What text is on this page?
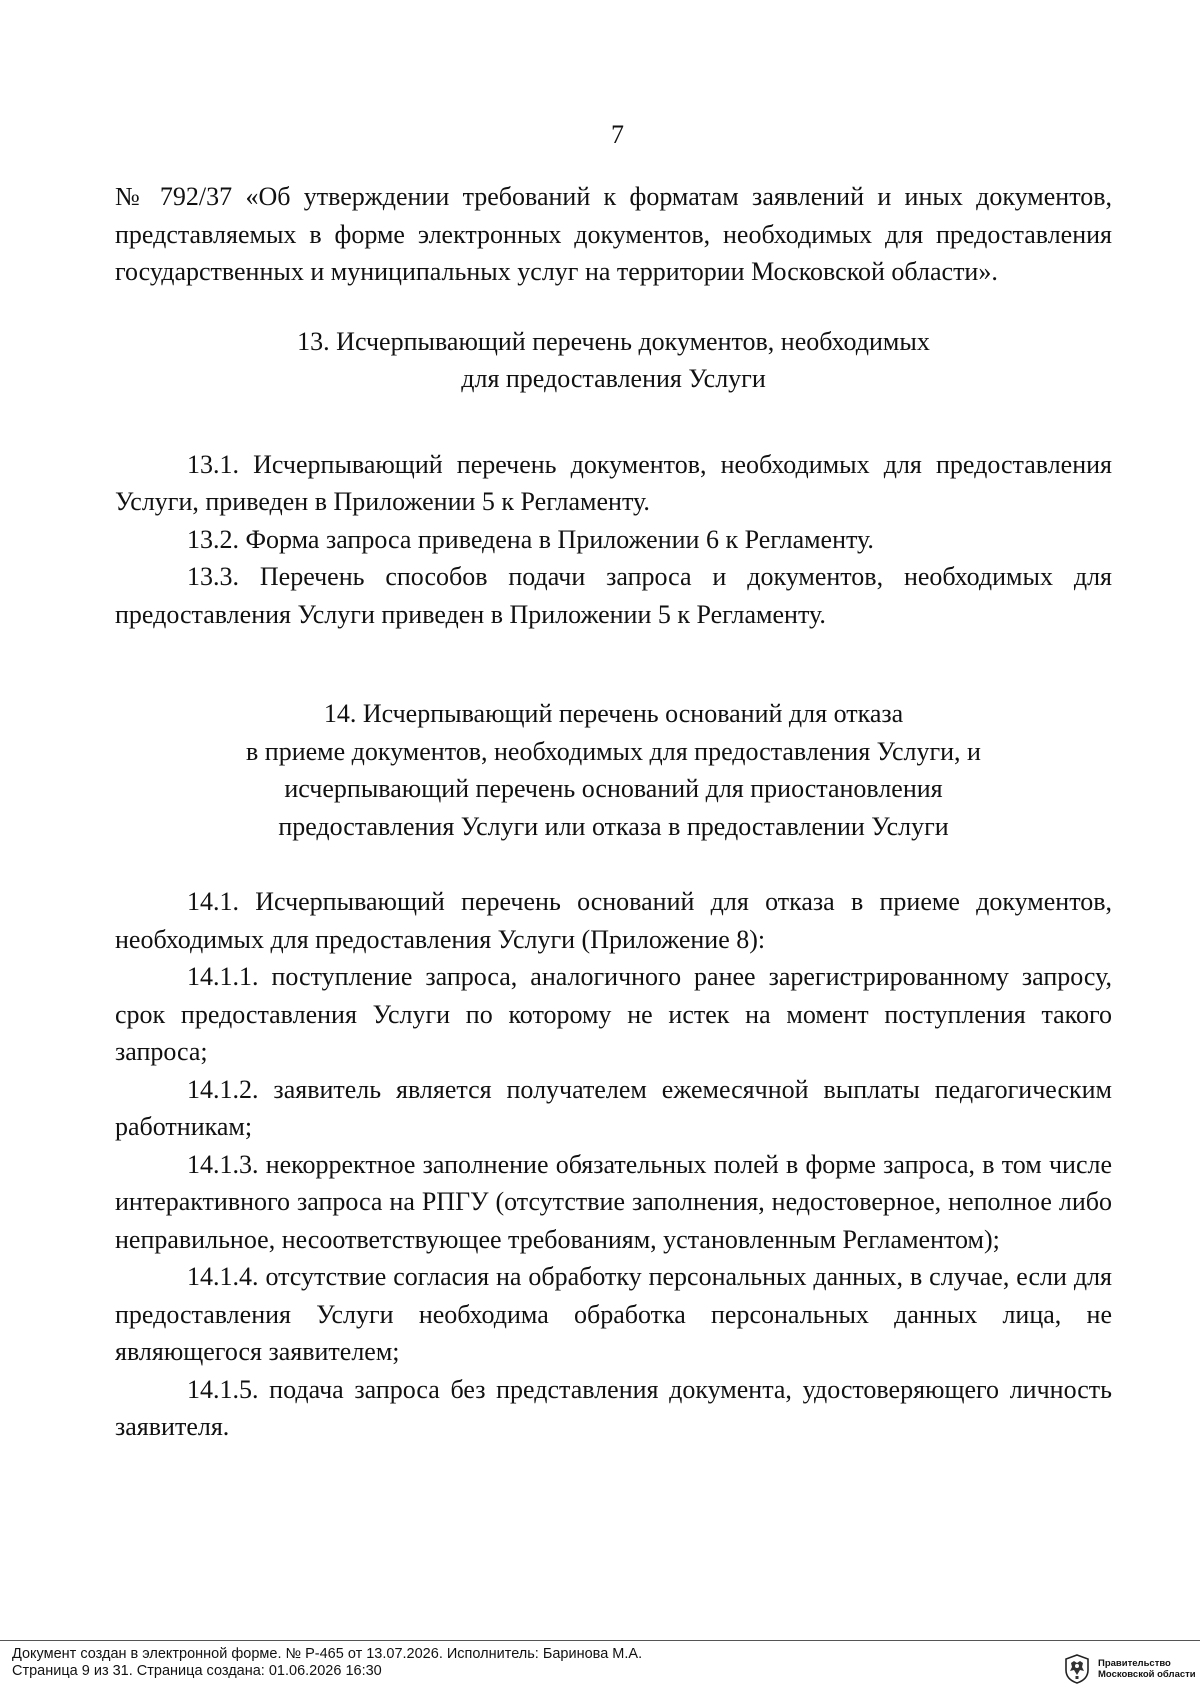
7

№ 792/37 «Об утверждении требований к форматам заявлений и иных документов, представляемых в форме электронных документов, необходимых для предоставления государственных и муниципальных услуг на территории Московской области».

13. Исчерпывающий перечень документов, необходимых

для предоставления Услуги

13.1. Исчерпывающий перечень документов, необходимых для предоставления Услуги, приведен в Приложении 5 к Регламенту.

13.2. Форма запроса приведена в Приложении 6 к Регламенту.

13.3. Перечень способов подачи запроса и документов, необходимых для предоставления Услуги приведен в Приложении 5 к Регламенту.

14. Исчерпывающий перечень оснований для отказа

в приеме документов, необходимых для предоставления Услуги, и

исчерпывающий перечень оснований для приостановления

предоставления Услуги или отказа в предоставлении Услуги

14.1. Исчерпывающий перечень оснований для отказа в приеме документов, необходимых для предоставления Услуги (Приложение 8):

14.1.1. поступление запроса, аналогичного ранее зарегистрированному запросу, срок предоставления Услуги по которому не истек на момент поступления такого запроса;

14.1.2. заявитель является получателем ежемесячной выплаты педагогическим работникам;

14.1.3. некорректное заполнение обязательных полей в форме запроса, в том числе интерактивного запроса на РПГУ (отсутствие заполнения, недостоверное, неполное либо неправильное, несоответствующее требованиям, установленным Регламентом);

14.1.4. отсутствие согласия на обработку персональных данных, в случае, если для предоставления Услуги необходима обработка персональных данных лица, не являющегося заявителем;

14.1.5. подача запроса без представления документа, удостоверяющего личность заявителя.

Документ создан в электронной форме. № Р-465 от 13.07.2026. Исполнитель: Баринова М.А.
Страница 9 из 31. Страница создана: 01.06.2026 16:30	Правительство
Московской области
